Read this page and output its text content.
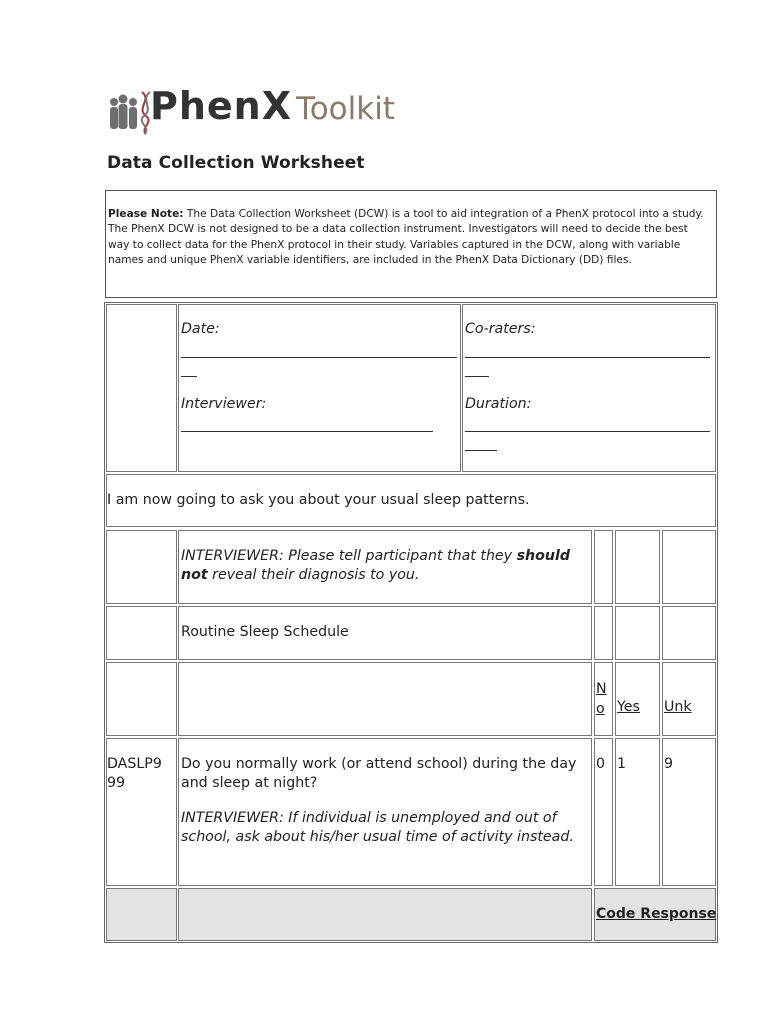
PhenX Toolkit
Data Collection Worksheet
Please Note: The Data Collection Worksheet (DCW) is a tool to aid integration of a PhenX protocol into a study. The PhenX DCW is not designed to be a data collection instrument. Investigators will need to decide the best way to collect data for the PhenX protocol in their study. Variables captured in the DCW, along with variable names and unique PhenX variable identifiers, are included in the PhenX Data Dictionary (DD) files.
Date:
Interviewer:
Co-raters:
Duration:
I am now going to ask you about your usual sleep patterns.
INTERVIEWER: Please tell participant that they should not reveal their diagnosis to you.
Routine Sleep Schedule
No Yes Unk
DASLP999
Do you normally work (or attend school) during the day and sleep at night?
INTERVIEWER: If individual is unemployed and out of school, ask about his/her usual time of activity instead.
0 1	9
Code Response
